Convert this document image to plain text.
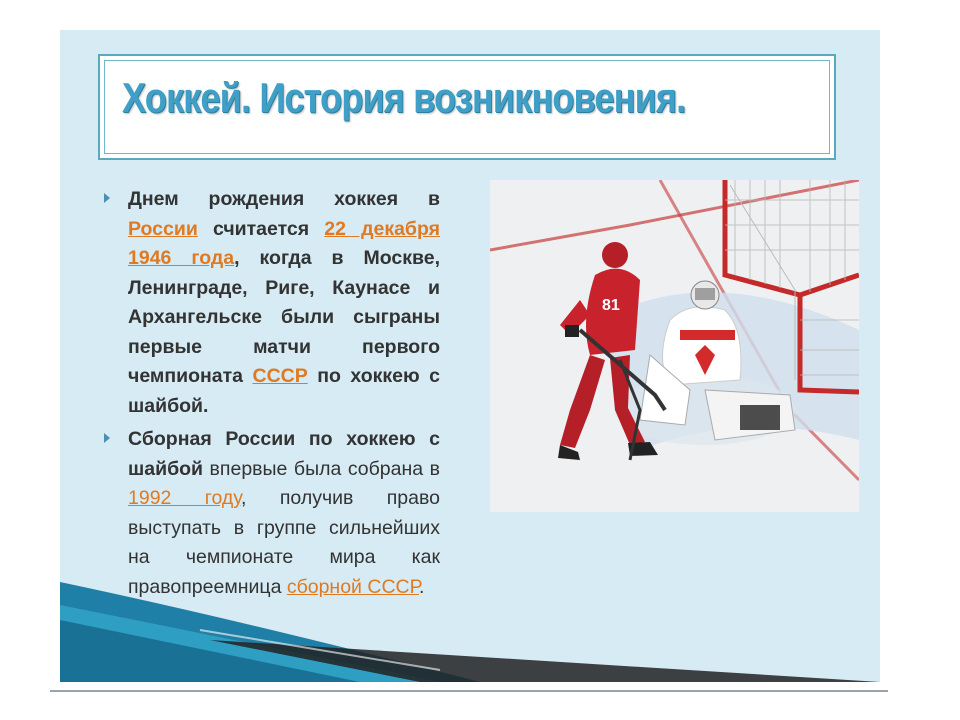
Хоккей. История возникновения.
Днем рождения хоккея в России считается 22 декабря 1946 года, когда в Москве, Ленинграде, Риге, Каунасе и Архангельске были сыграны первые матчи первого чемпионата СССР по хоккею с шайбой.
Сборная России по хоккею с шайбой впервые была собрана в 1992 году, получив право выступать в группе сильнейших на чемпионате мира как правопреемница сборной СССР.
81
